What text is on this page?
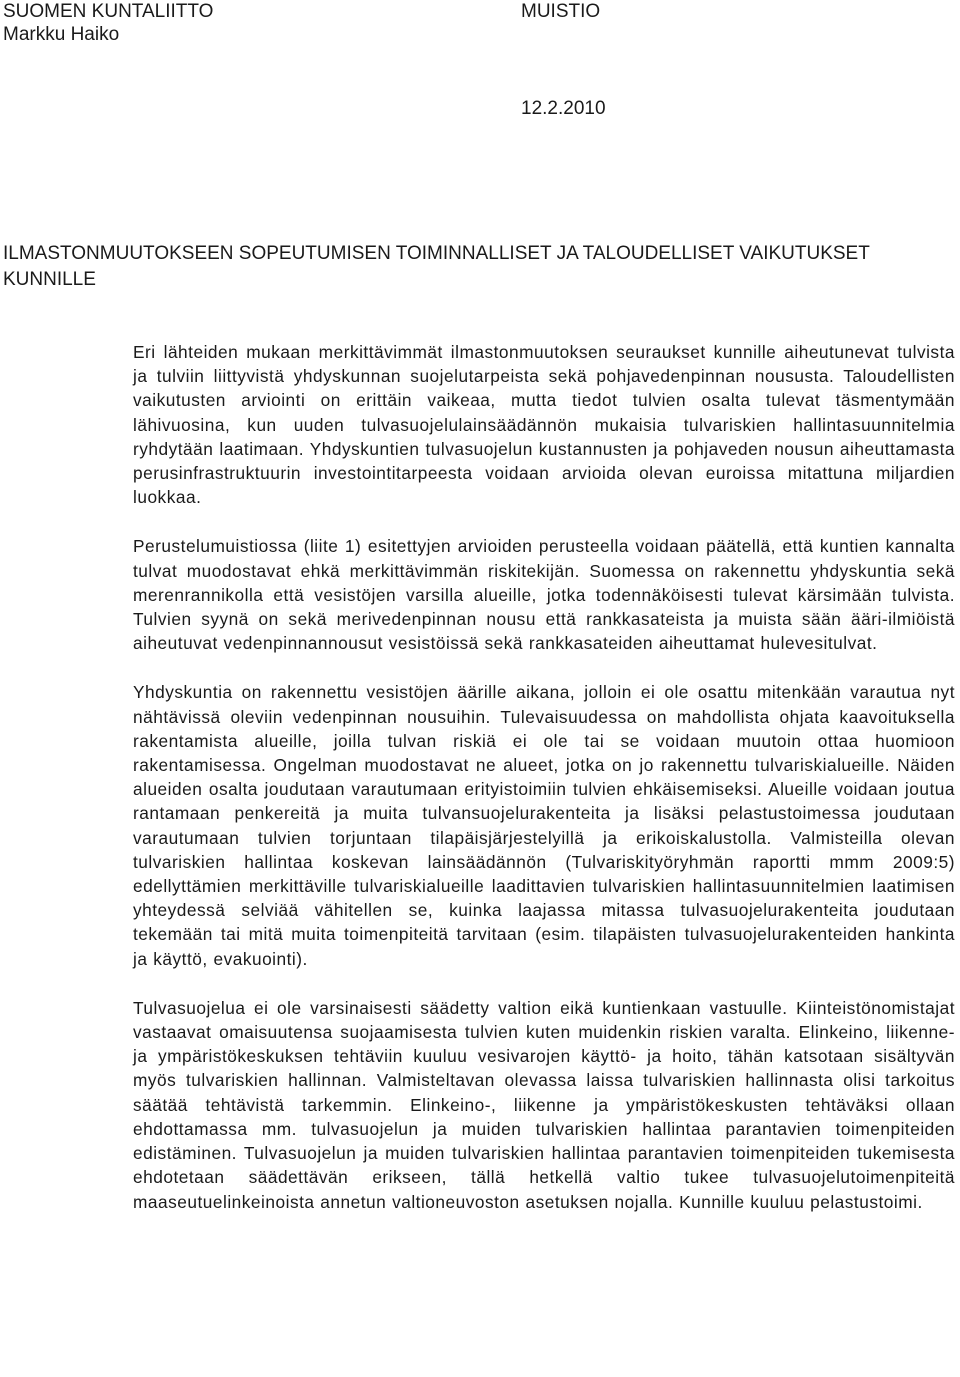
SUOMEN KUNTALIITTO
Markku Haiko
MUISTIO
12.2.2010
ILMASTONMUUTOKSEEN SOPEUTUMISEN TOIMINNALLISET JA TALOUDELLISET VAIKUTUKSET KUNNILLE

Eri lähteiden mukaan merkittävimmät ilmastonmuutoksen seuraukset kunnille aiheutunevat tulvista ja tulviin liittyvistä yhdyskunnan suojelutarpeista sekä pohjavedenpinnan noususta. Taloudellisten vaikutusten arviointi on erittäin vaikeaa, mutta tiedot tulvien osalta tulevat täsmentymään lähivuosina, kun uuden tulvasuojelulainsäädännön mukaisia tulvariskien hallintasuunnitelmia ryhdytään laatimaan. Yhdyskuntien tulvasuojelun kustannusten ja pohjaveden nousun aiheuttamasta perusinfrastruktuurin investointitarpeesta voidaan arvioida olevan euroissa mitattuna miljardien luokkaa.

Perustelumuistiossa (liite 1) esitettyjen arvioiden perusteella voidaan päätellä, että kuntien kannalta tulvat muodostavat ehkä merkittävimmän riskitekijän. Suomessa on rakennettu yhdyskuntia sekä merenrannikolla että vesistöjen varsilla alueille, jotka todennäköisesti tulevat kärsimään tulvista. Tulvien syynä on sekä merivedenpinnan nousu että rankkasateista ja muista sään ääri-ilmiöistä aiheutuvat vedenpinnannousut vesistöissä sekä rankkasateiden aiheuttamat hulevesitulvat.

Yhdyskuntia on rakennettu vesistöjen äärille aikana, jolloin ei ole osattu mitenkään varautua nyt nähtävissä oleviin vedenpinnan nousuihin. Tulevaisuudessa on mahdollista ohjata kaavoituksella rakentamista alueille, joilla tulvan riskiä ei ole tai se voidaan muutoin ottaa huomioon rakentamisessa. Ongelman muodostavat ne alueet, jotka on jo rakennettu tulvariskialueille. Näiden alueiden osalta joudutaan varautumaan erityistoimiin tulvien ehkäisemiseksi. Alueille voidaan joutua rantamaan penkereitä ja muita tulvansuojelurakenteita ja lisäksi pelastustoimessa joudutaan varautumaan tulvien torjuntaan tilapäisjärjestelyillä ja erikoiskalustolla. Valmisteilla olevan tulvariskien hallintaa koskevan lainsäädännön (Tulvariskityöryhmän raportti mmm 2009:5) edellyttämien merkittäville tulvariskialueille laadittavien tulvariskien hallintasuunnitelmien laatimisen yhteydessä selviää vähitellen se, kuinka laajassa mitassa tulvasuojelurakenteita joudutaan tekemään tai mitä muita toimenpiteitä tarvitaan (esim. tilapäisten tulvasuojelurakenteiden hankinta ja käyttö, evakuointi).

Tulvasuojelua ei ole varsinaisesti säädetty valtion eikä kuntienkaan vastuulle. Kiinteistönomistajat vastaavat omaisuutensa suojaamisesta tulvien kuten muidenkin riskien varalta. Elinkeino, liikenne- ja ympäristökeskuksen tehtäviin kuuluu vesivarojen käyttö- ja hoito, tähän katsotaan sisältyvän myös tulvariskien hallinnan. Valmisteltavan olevassa laissa tulvariskien hallinnasta olisi tarkoitus säätää tehtävistä tarkemmin. Elinkeino-, liikenne ja ympäristökeskusten tehtäväksi ollaan ehdottamassa mm. tulvasuojelun ja muiden tulvariskien hallintaa parantavien toimenpiteiden edistäminen. Tulvasuojelun ja muiden tulvariskien hallintaa parantavien toimenpiteiden tukemisesta ehdotetaan säädettävän erikseen, tällä hetkellä valtio tukee tulvasuojelutoimenpiteitä maaseutuelinkeinoista annetun valtioneuvoston asetuksen nojalla. Kunnille kuuluu pelastustoimi.
